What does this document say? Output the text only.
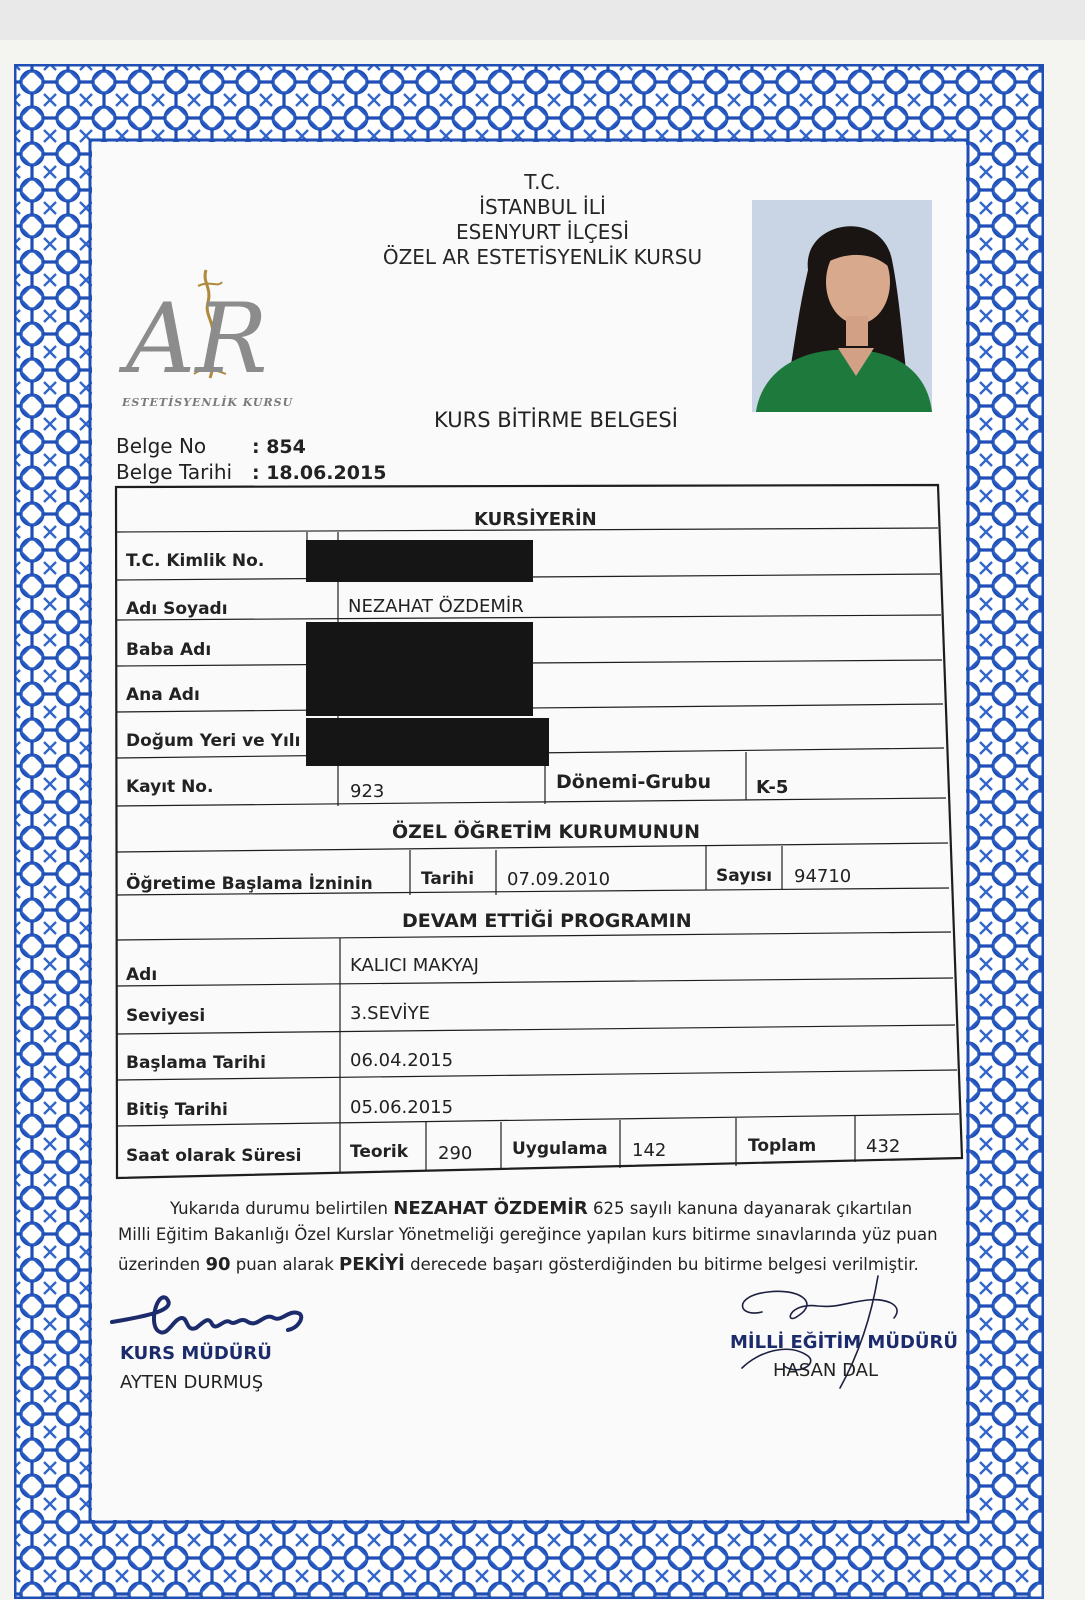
T.C.
İSTANBUL İLİ
ESENYURT İLÇESİ
ÖZEL AR ESTETİSYENLİK KURSU
AR
ESTETİSYENLİK KURSU
KURS BİTİRME BELGESİ
Belge No : 854
Belge Tarihi : 18.06.2015
KURSİYERİN
ÖZEL ÖĞRETİM KURUMUNUN
DEVAM ETTİĞİ PROGRAMIN
T.C. Kimlik No.
Adı Soyadı	NEZAHAT ÖZDEMİR
Baba Adı
Ana Adı
Doğum Yeri ve Yılı
Kayıt No.	923	Dönemi-Grubu K-5
Öğretime Başlama İzninin	Tarihi 07.09.2010	Sayısı 94710
Adı	KALICI MAKYAJ
Seviyesi	3.SEVİYE
Başlama Tarihi	06.04.2015
Bitiş Tarihi	05.06.2015
Saat olarak Süresi	Teorik 290 Uygulama 142	Toplam	432
Yukarıda durumu belirtilen NEZAHAT ÖZDEMİR 625 sayılı kanuna dayanarak çıkartılan
Milli Eğitim Bakanlığı Özel Kurslar Yönetmeliği gereğince yapılan kurs bitirme sınavlarında yüz puan
üzerinden 90 puan alarak PEKİYİ derecede başarı gösterdiğinden bu bitirme belgesi verilmiştir.
KURS MÜDÜRÜ
AYTEN DURMUŞ
MİLLİ EĞİTİM MÜDÜRÜ
HASAN DAL
